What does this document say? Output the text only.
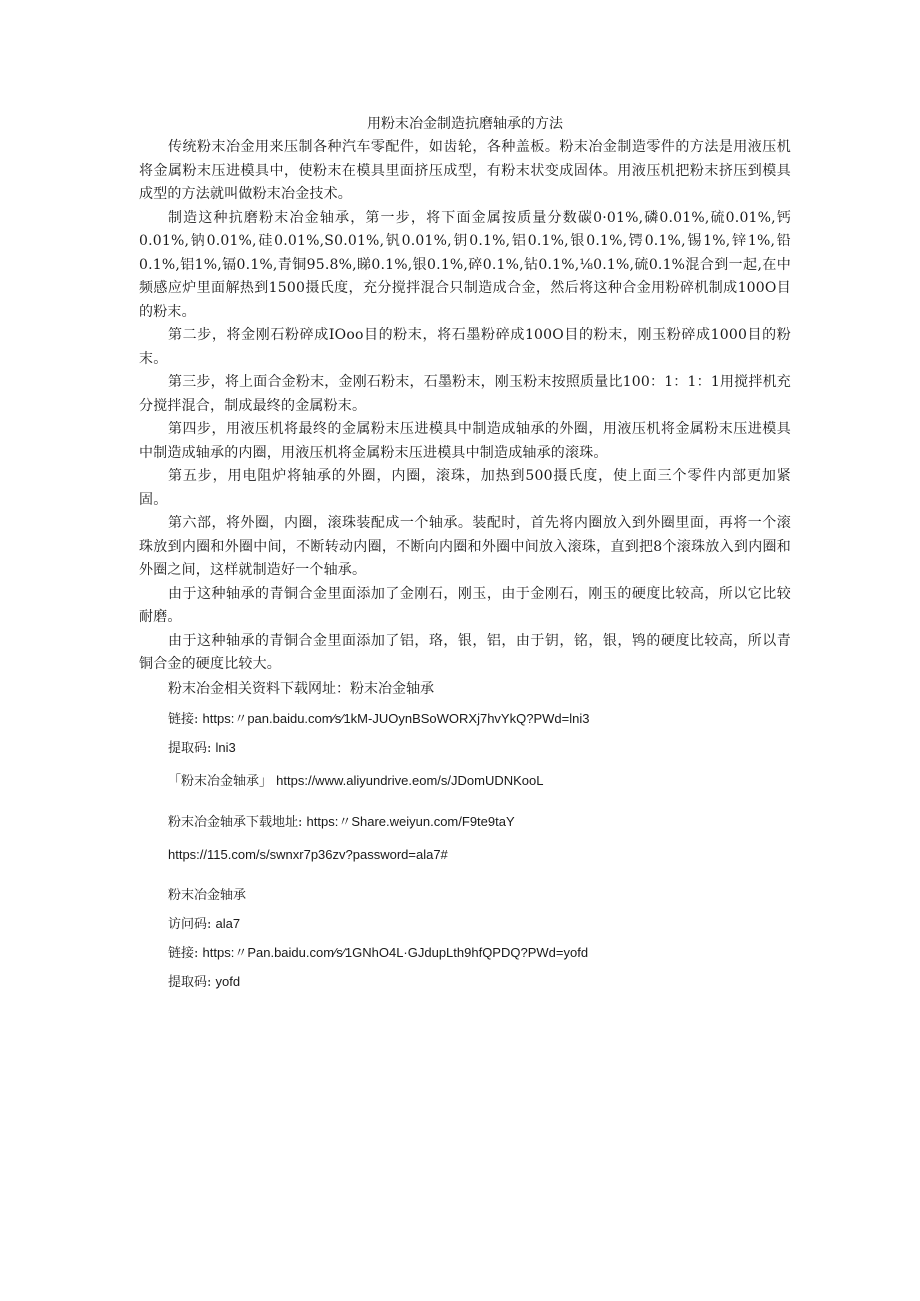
用粉末冶金制造抗磨轴承的方法

传统粉末冶金用来压制各种汽车零配件，如齿轮，各种盖板。粉末冶金制造零件的方法是用液压机将金属粉末压进模具中，使粉末在模具里面挤压成型，有粉末状变成固体。用液压机把粉末挤压到模具成型的方法就叫做粉末冶金技术。

制造这种抗磨粉末冶金轴承，第一步，将下面金属按质量分数碳0·01%,磷0.01%,硫0.01%,钙0.01%,钠0.01%,硅0.01%,S0.01%,钒0.01%,钥0.1%,铝0.1%,银0.1%,锷0.1%,锡1%,锌1%,铅0.1%,铝1%,镉0.1%,青铜95.8%,睇0.1%,银0.1%,碎0.1%,钻0.1%,⅛0.1%,硫0.1%混合到一起,在中频感应炉里面解热到1500摄氏度，充分搅拌混合只制造成合金，然后将这种合金用粉碎机制成100O目的粉末。

第二步，将金刚石粉碎成IOoo目的粉末，将石墨粉碎成100O目的粉末，刚玉粉碎成1000目的粉末。

第三步，将上面合金粉末，金刚石粉末，石墨粉末，刚玉粉末按照质量比100：1：1：1用搅拌机充分搅拌混合，制成最终的金属粉末。

第四步，用液压机将最终的金属粉末压进模具中制造成轴承的外圈，用液压机将金属粉末压进模具中制造成轴承的内圈，用液压机将金属粉末压进模具中制造成轴承的滚珠。

第五步，用电阻炉将轴承的外圈，内圈，滚珠，加热到500摄氏度，使上面三个零件内部更加紧固。

第六部，将外圈，内圈，滚珠装配成一个轴承。装配时，首先将内圈放入到外圈里面，再将一个滚珠放到内圈和外圈中间，不断转动内圈，不断向内圈和外圈中间放入滚珠，直到把8个滚珠放入到内圈和外圈之间，这样就制造好一个轴承。

由于这种轴承的青铜合金里面添加了金刚石，刚玉，由于金刚石，刚玉的硬度比较高，所以它比较耐磨。

由于这种轴承的青铜合金里面添加了铝，珞，银，铝，由于钥，铭，银，鸨的硬度比较高，所以青铜合金的硬度比较大。

粉末冶金相关资料下载网址：粉末冶金轴承
链接: https:〃pan.baidu.com∕s∕1kM-JUOynBSoWORXj7hvYkQ?PWd=lni3
提取码: lni3
「粉末冶金轴承」 https://www.aliyundrive.eom/s/JDomUDNKooL
粉末冶金轴承下载地址: https:〃Share.weiyun.com/F9te9taY
https://115.com/s/swnxr7p36zv?password=ala7#
粉末冶金轴承
访问码: ala7
链接: https:〃Pan.baidu.com∕s∕1GNhO4L·GJdupLth9hfQPDQ?PWd=yofd
提取码: yofd
